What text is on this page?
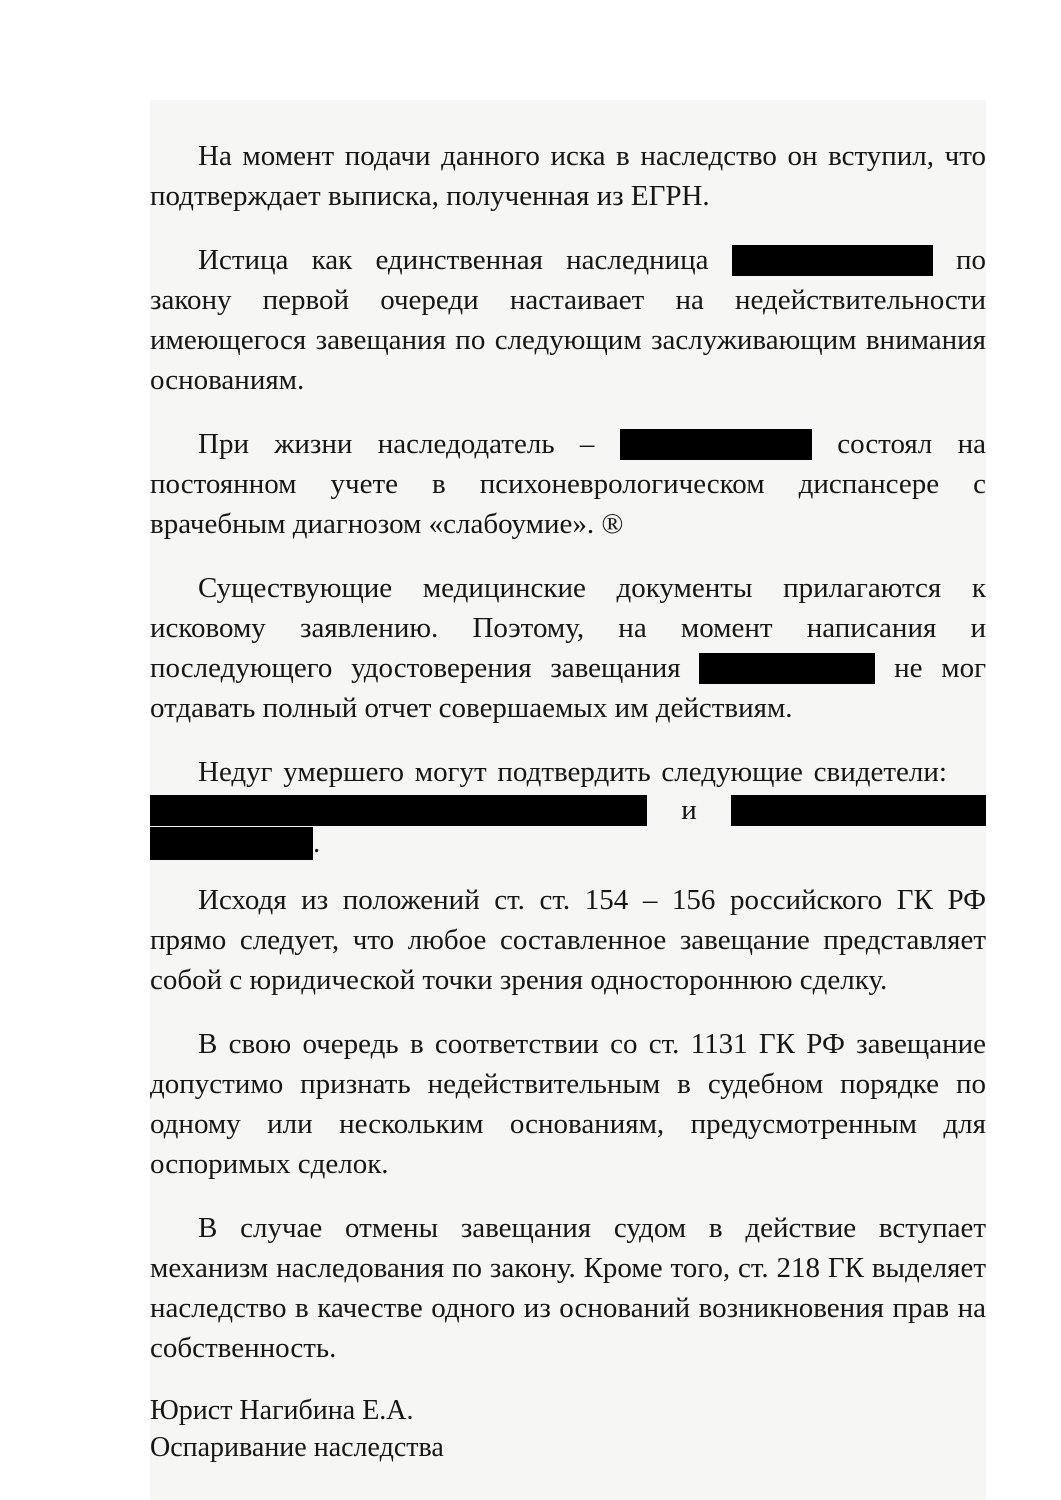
На момент подачи данного иска в наследство он вступил, что подтверждает выписка, полученная из ЕГРН.

Истица как единственная наследница	по закону первой очереди настаивает на недействительности имеющегося завещания по следующим заслуживающим внимания основаниям.

При жизни наследодатель –	состоял на постоянном учете в психоневрологическом диспансере с врачебным диагнозом «слабоумие». ®

Существующие медицинские документы прилагаются к исковому заявлению. Поэтому, на момент написания и последующего удостоверения завещания	не мог отдавать полный отчет совершаемых им действиям.

Недуг умершего могут подтвердить следующие свидетели:

и
.

Исходя из положений ст. ст. 154 – 156 российского ГК РФ прямо следует, что любое составленное завещание представляет собой с юридической точки зрения одностороннюю сделку.

В свою очередь в соответствии со ст. 1131 ГК РФ завещание допустимо признать недействительным в судебном порядке по одному или нескольким основаниям, предусмотренным для оспоримых сделок.

В случае отмены завещания судом в действие вступает механизм наследования по закону. Кроме того, ст. 218 ГК выделяет наследство в качестве одного из оснований возникновения прав на собственность.

Юрист Нагибина Е.А.
Оспаривание наследства
